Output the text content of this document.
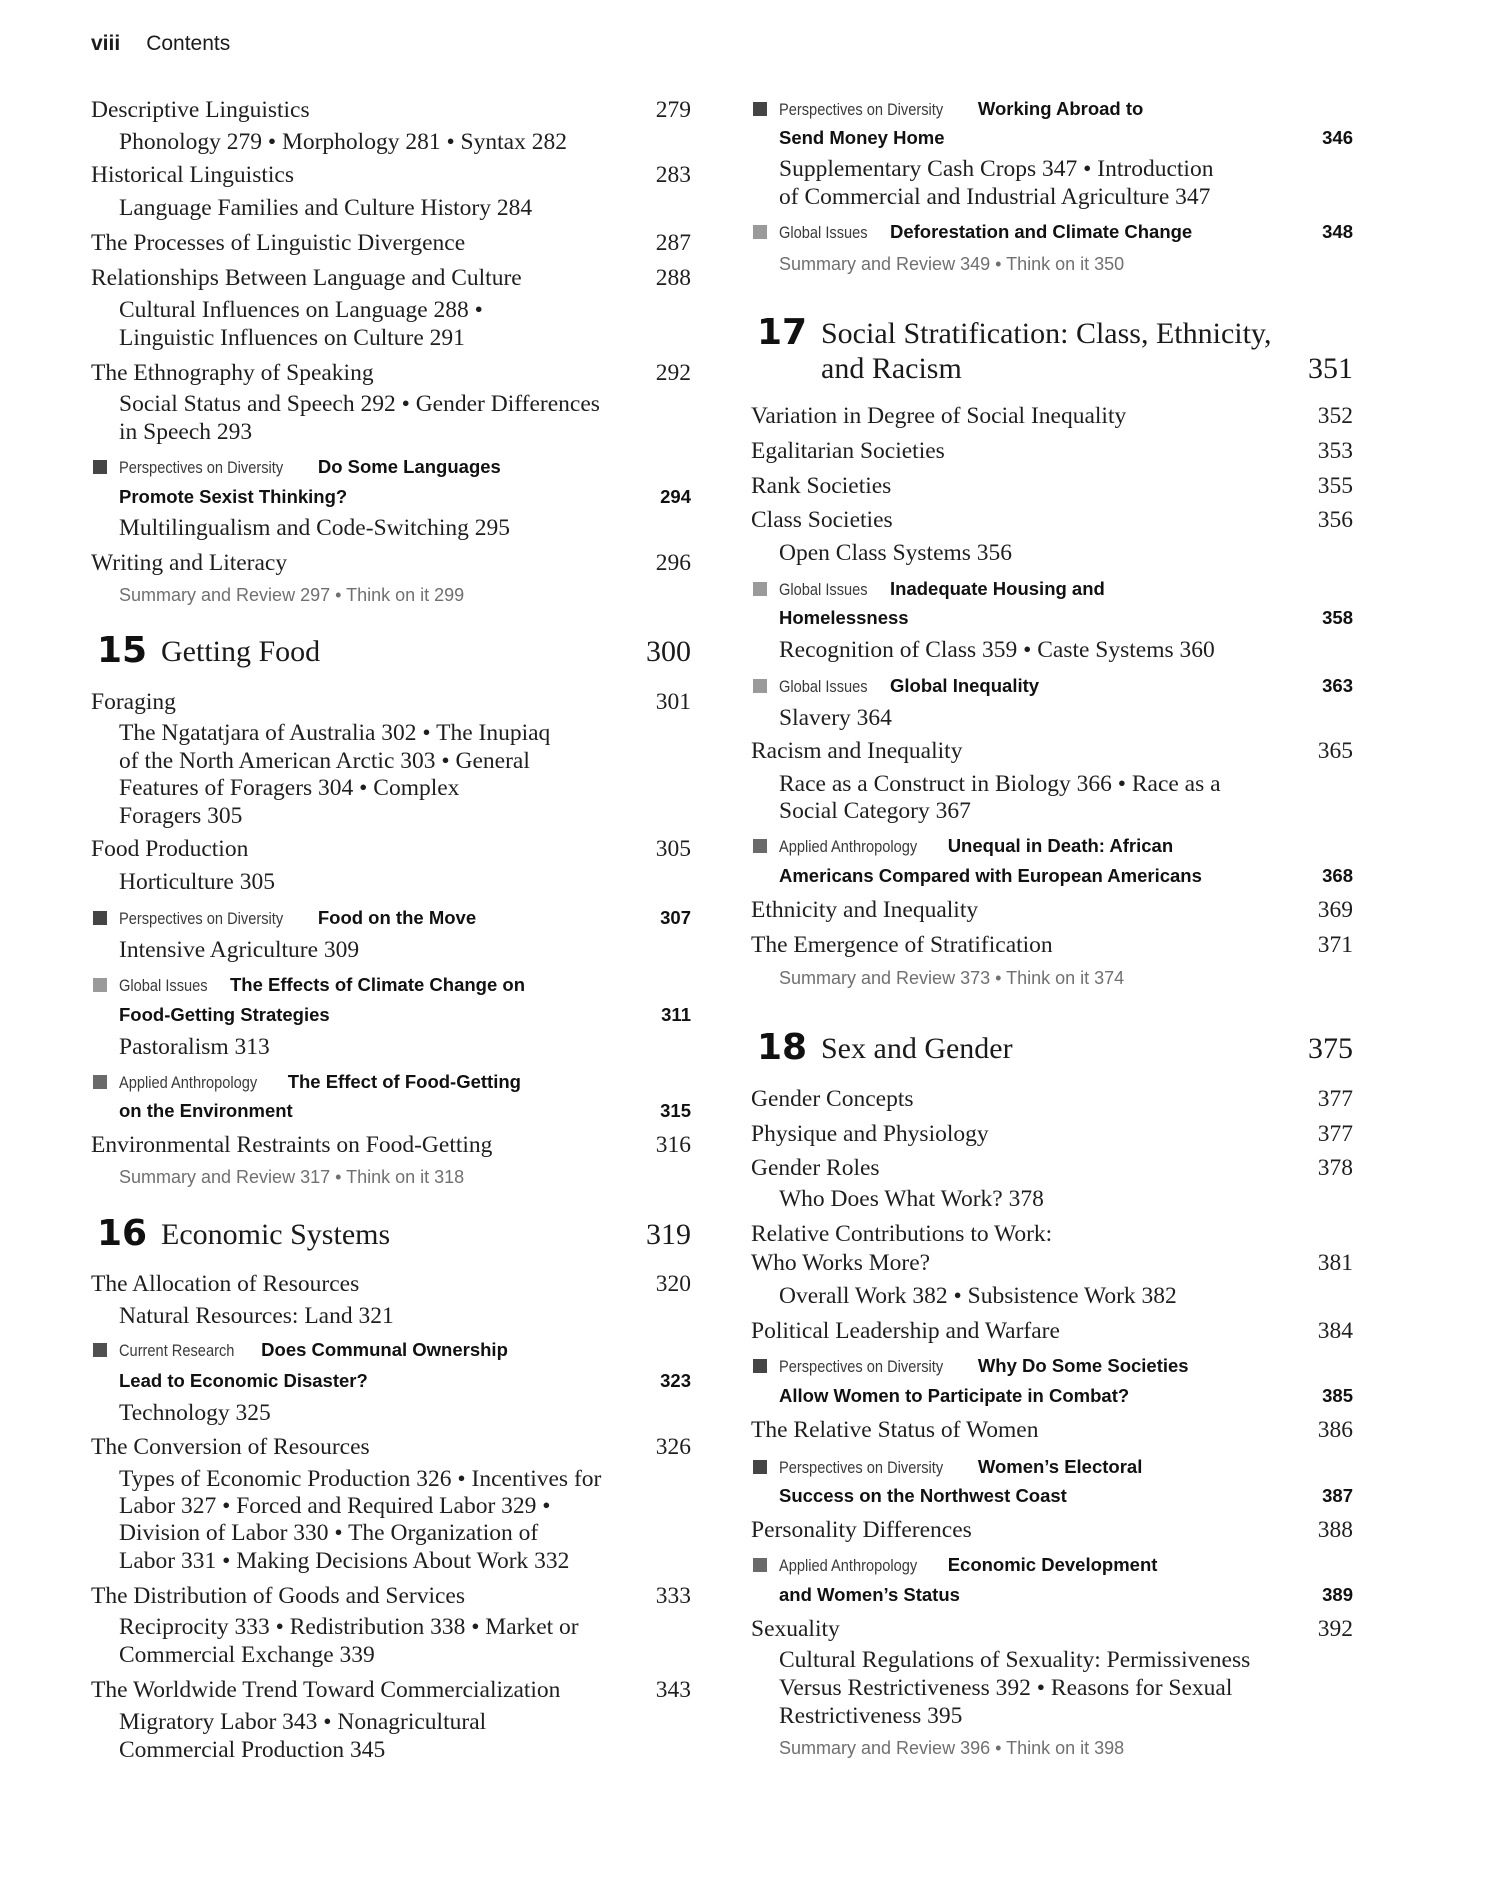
viii Contents
Descriptive Linguistics	279
Phonology 279 • Morphology 281 • Syntax 282
Historical Linguistics	283
Language Families and Culture History 284
The Processes of Linguistic Divergence	287
Relationships Between Language and Culture	288
Cultural Influences on Language 288 •
Linguistic Influences on Culture 291
The Ethnography of Speaking	292
Social Status and Speech 292 • Gender Differences
in Speech 293
Perspectives on Diversity Do Some Languages
Promote Sexist Thinking?	294
Multilingualism and Code-Switching 295
Writing and Literacy	296
Summary and Review 297 • Think on it 299
15 Getting Food	300
Foraging	301
The Ngatatjara of Australia 302 • The Inupiaq
of the North American Arctic 303 • General
Features of Foragers 304 • Complex
Foragers 305
Food Production	305
Horticulture 305
Perspectives on Diversity Food on the Move	307
Intensive Agriculture 309
Global Issues The Effects of Climate Change on
Food-Getting Strategies	311
Pastoralism 313
Applied Anthropology The Effect of Food-Getting
on the Environment	315
Environmental Restraints on Food-Getting	316
Summary and Review 317 • Think on it 318
16 Economic Systems	319
The Allocation of Resources	320
Natural Resources: Land 321
Current Research Does Communal Ownership
Lead to Economic Disaster?	323
Technology 325
The Conversion of Resources	326
Types of Economic Production 326 • Incentives for
Labor 327 • Forced and Required Labor 329 •
Division of Labor 330 • The Organization of
Labor 331 • Making Decisions About Work 332
The Distribution of Goods and Services	333
Reciprocity 333 • Redistribution 338 • Market or
Commercial Exchange 339
The Worldwide Trend Toward Commercialization	343
Migratory Labor 343 • Nonagricultural
Commercial Production 345
Perspectives on Diversity Working Abroad to
Send Money Home	346
Supplementary Cash Crops 347 • Introduction
of Commercial and Industrial Agriculture 347
Global Issues Deforestation and Climate Change	348
Summary and Review 349 • Think on it 350
17 Social Stratification: Class, Ethnicity,
and Racism	351
Variation in Degree of Social Inequality	352
Egalitarian Societies	353
Rank Societies	355
Class Societies	356
Open Class Systems 356
Global Issues Inadequate Housing and
Homelessness	358
Recognition of Class 359 • Caste Systems 360
Global Issues Global Inequality	363
Slavery 364
Racism and Inequality	365
Race as a Construct in Biology 366 • Race as a
Social Category 367
Applied Anthropology Unequal in Death: African
Americans Compared with European Americans	368
Ethnicity and Inequality	369
The Emergence of Stratification	371
Summary and Review 373 • Think on it 374
18 Sex and Gender	375
Gender Concepts	377
Physique and Physiology	377
Gender Roles	378
Who Does What Work? 378
Relative Contributions to Work:
Who Works More?	381
Overall Work 382 • Subsistence Work 382
Political Leadership and Warfare	384
Perspectives on Diversity Why Do Some Societies
Allow Women to Participate in Combat?	385
The Relative Status of Women	386
Perspectives on Diversity Women’s Electoral
Success on the Northwest Coast	387
Personality Differences	388
Applied Anthropology Economic Development
and Women’s Status	389
Sexuality	392
Cultural Regulations of Sexuality: Permissiveness
Versus Restrictiveness 392 • Reasons for Sexual
Restrictiveness 395
Summary and Review 396 • Think on it 398
